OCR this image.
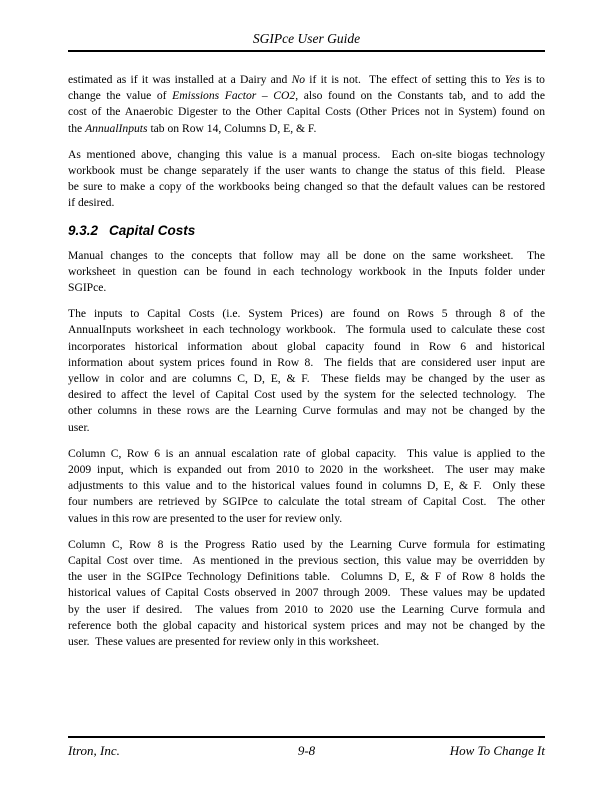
SGIPce User Guide
estimated as if it was installed at a Dairy and No if it is not.  The effect of setting this to Yes is to
change the value of Emissions Factor – CO2, also found on the Constants tab, and to add the
cost of the Anaerobic Digester to the Other Capital Costs (Other Prices not in System) found on
the AnnualInputs tab on Row 14, Columns D, E, & F.
As mentioned above, changing this value is a manual process.  Each on-site biogas technology
workbook must be change separately if the user wants to change the status of this field.  Please
be sure to make a copy of the workbooks being changed so that the default values can be restored
if desired.
9.3.2 Capital Costs
Manual changes to the concepts that follow may all be done on the same worksheet.  The
worksheet in question can be found in each technology workbook in the Inputs folder under
SGIPce.
The inputs to Capital Costs (i.e. System Prices) are found on Rows 5 through 8 of the
AnnualInputs worksheet in each technology workbook.  The formula used to calculate these cost
incorporates historical information about global capacity found in Row 6 and historical
information about system prices found in Row 8.  The fields that are considered user input are
yellow in color and are columns C, D, E, & F.  These fields may be changed by the user as
desired to affect the level of Capital Cost used by the system for the selected technology.  The
other columns in these rows are the Learning Curve formulas and may not be changed by the
user.
Column C, Row 6 is an annual escalation rate of global capacity.  This value is applied to the
2009 input, which is expanded out from 2010 to 2020 in the worksheet.  The user may make
adjustments to this value and to the historical values found in columns D, E, & F.  Only these
four numbers are retrieved by SGIPce to calculate the total stream of Capital Cost.  The other
values in this row are presented to the user for review only.
Column C, Row 8 is the Progress Ratio used by the Learning Curve formula for estimating
Capital Cost over time.  As mentioned in the previous section, this value may be overridden by
the user in the SGIPce Technology Definitions table.  Columns D, E, & F of Row 8 holds the
historical values of Capital Costs observed in 2007 through 2009.  These values may be updated
by the user if desired.  The values from 2010 to 2020 use the Learning Curve formula and
reference both the global capacity and historical system prices and may not be changed by the
user.  These values are presented for review only in this worksheet.
Itron, Inc.	9-8	How To Change It
